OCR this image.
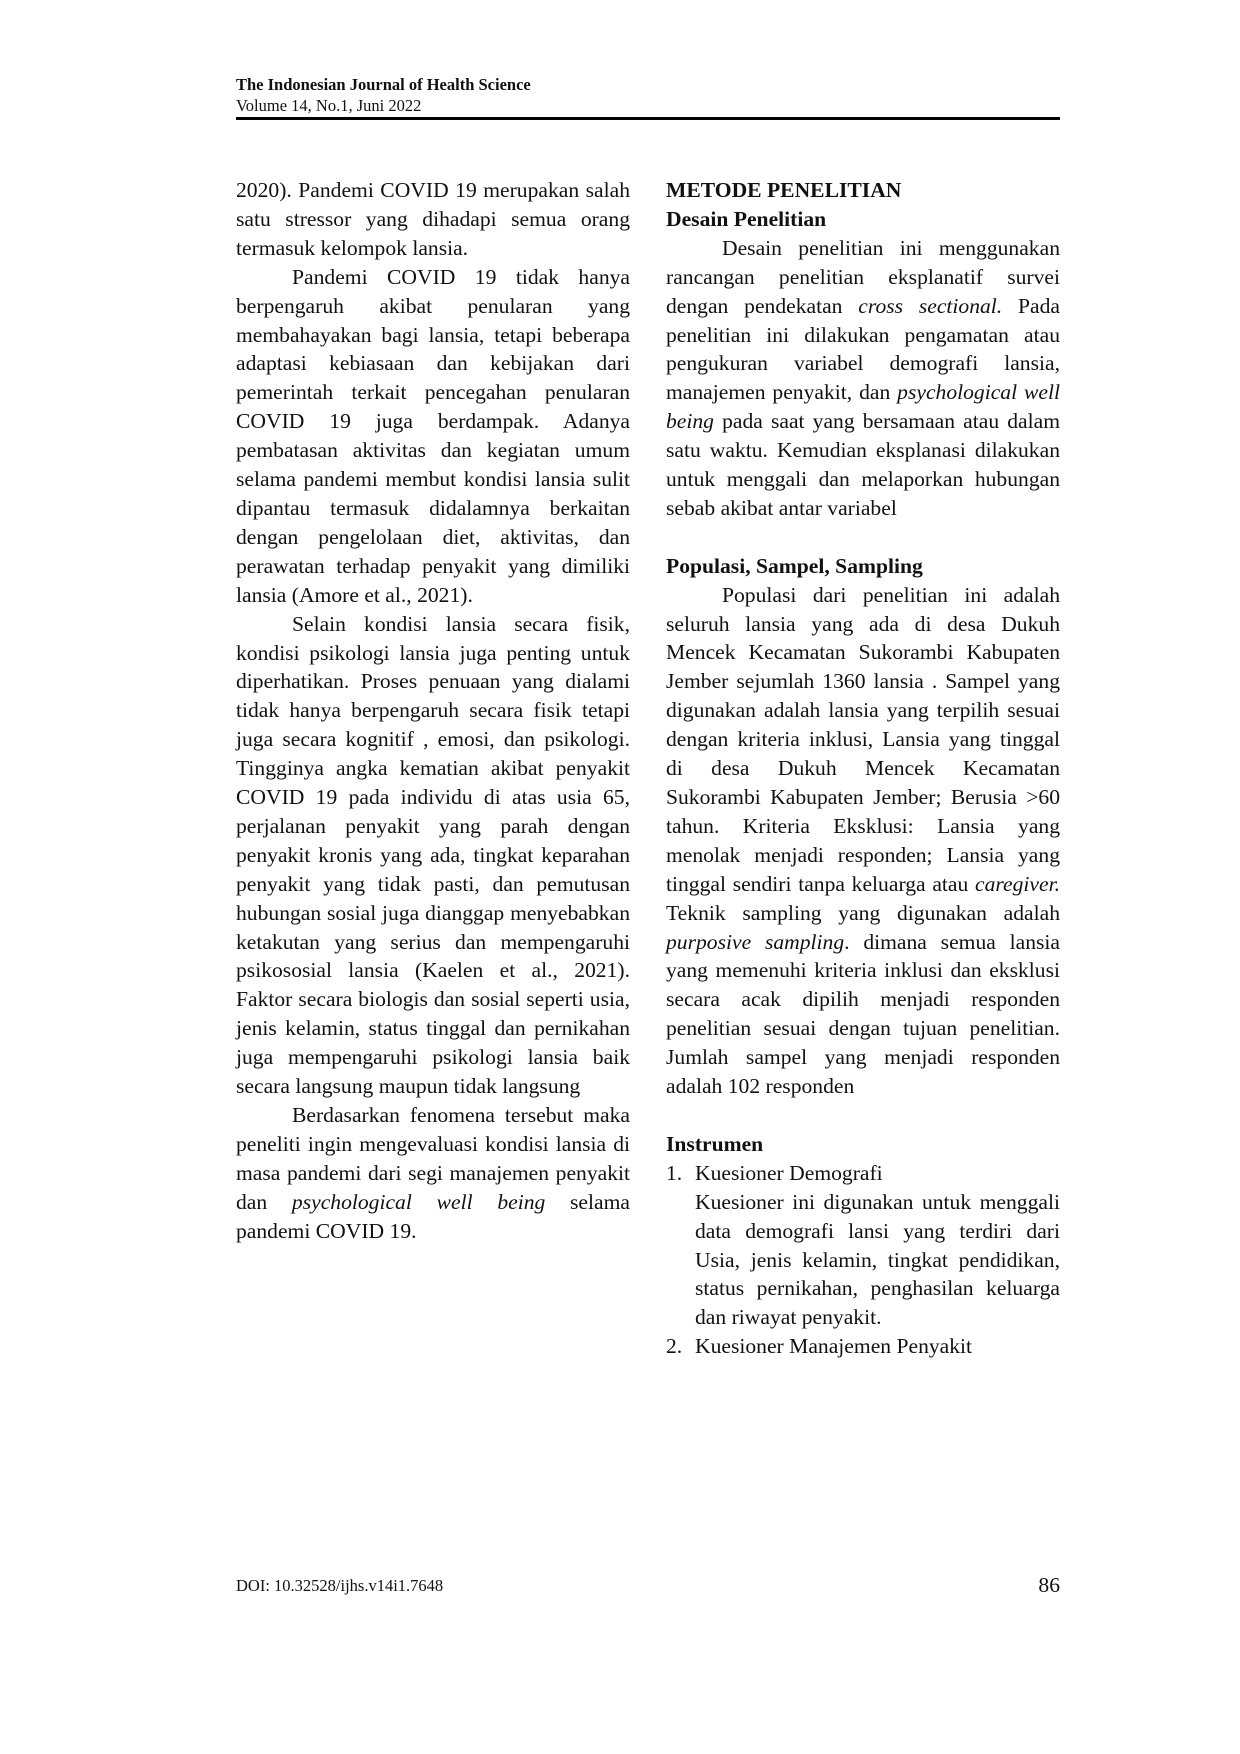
The Indonesian Journal of Health Science
Volume 14, No.1, Juni 2022

2020). Pandemi COVID 19 merupakan salah satu stressor yang dihadapi semua orang termasuk kelompok lansia.

Pandemi COVID 19 tidak hanya berpengaruh akibat penularan yang membahayakan bagi lansia, tetapi beberapa adaptasi kebiasaan dan kebijakan dari pemerintah terkait pencegahan penularan COVID 19 juga berdampak. Adanya pembatasan aktivitas dan kegiatan umum selama pandemi membut kondisi lansia sulit dipantau termasuk didalamnya berkaitan dengan pengelolaan diet, aktivitas, dan perawatan terhadap penyakit yang dimiliki lansia (Amore et al., 2021).

Selain kondisi lansia secara fisik, kondisi psikologi lansia juga penting untuk diperhatikan. Proses penuaan yang dialami tidak hanya berpengaruh secara fisik tetapi juga secara kognitif , emosi, dan psikologi. Tingginya angka kematian akibat penyakit COVID 19 pada individu di atas usia 65, perjalanan penyakit yang parah dengan penyakit kronis yang ada, tingkat keparahan penyakit yang tidak pasti, dan pemutusan hubungan sosial juga dianggap menyebabkan ketakutan yang serius dan mempengaruhi psikososial lansia (Kaelen et al., 2021). Faktor secara biologis dan sosial seperti usia, jenis kelamin, status tinggal dan pernikahan juga mempengaruhi psikologi lansia baik secara langsung maupun tidak langsung

Berdasarkan fenomena tersebut maka peneliti ingin mengevaluasi kondisi lansia di masa pandemi dari segi manajemen penyakit dan psychological well being selama pandemi COVID 19.

METODE PENELITIAN
Desain Penelitian

Desain penelitian ini menggunakan rancangan penelitian eksplanatif survei dengan pendekatan cross sectional. Pada penelitian ini dilakukan pengamatan atau pengukuran variabel demografi lansia, manajemen penyakit, dan psychological well being pada saat yang bersamaan atau dalam satu waktu. Kemudian eksplanasi dilakukan untuk menggali dan melaporkan hubungan sebab akibat antar variabel

Populasi, Sampel, Sampling

Populasi dari penelitian ini adalah seluruh lansia yang ada di desa Dukuh Mencek Kecamatan Sukorambi Kabupaten Jember sejumlah 1360 lansia . Sampel yang digunakan adalah lansia yang terpilih sesuai dengan kriteria inklusi, Lansia yang tinggal di desa Dukuh Mencek Kecamatan Sukorambi Kabupaten Jember; Berusia >60 tahun. Kriteria Eksklusi: Lansia yang menolak menjadi responden; Lansia yang tinggal sendiri tanpa keluarga atau caregiver. Teknik sampling yang digunakan adalah purposive sampling. dimana semua lansia yang memenuhi kriteria inklusi dan eksklusi secara acak dipilih menjadi responden penelitian sesuai dengan tujuan penelitian. Jumlah sampel yang menjadi responden adalah 102 responden

Instrumen
1. Kuesioner Demografi

Kuesioner ini digunakan untuk menggali data demografi lansi yang terdiri dari Usia, jenis kelamin, tingkat pendidikan, status pernikahan, penghasilan keluarga dan riwayat penyakit.

2. Kuesioner Manajemen Penyakit
DOI: 10.32528/ijhs.v14i1.7648	86
